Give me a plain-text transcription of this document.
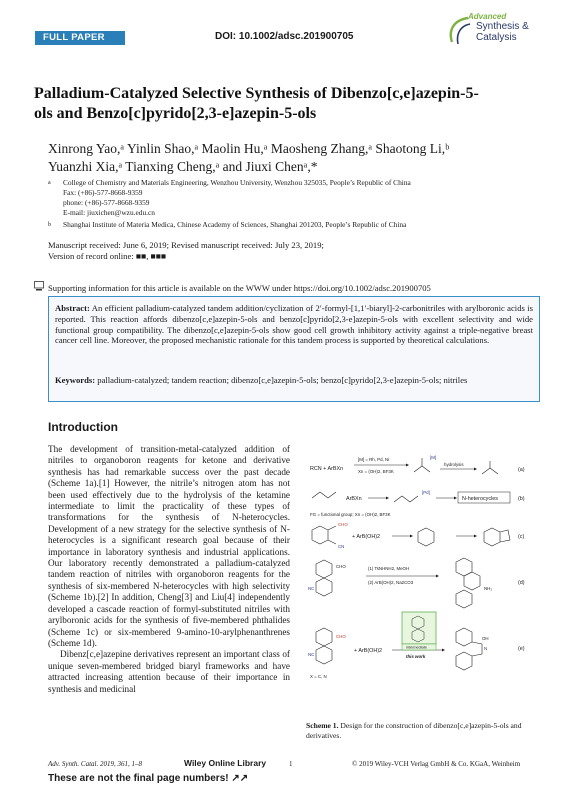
FULL PAPER	DOI: 10.1002/adsc.201900705
Advanced
Synthesis &
Catalysis
Palladium-Catalyzed Selective Synthesis of Dibenzo[c,e]azepin-5-
ols and Benzo[c]pyrido[2,3-e]azepin-5-ols
Xinrong Yao,ᵃ Yinlin Shao,ᵃ Maolin Hu,ᵃ Maosheng Zhang,ᵃ Shaotong Li,ᵇ
Yuanzhi Xia,ᵃ Tianxing Cheng,ᵃ and Jiuxi Chenᵃ,*
a College of Chemistry and Materials Engineering, Wenzhou University, Wenzhou 325035, People’s Republic of China
Fax: (+86)-577-8668-9359
phone: (+86)-577-8668-9359
E-mail: jiuxichen@wzu.edu.cn
b Shanghai Institute of Materia Medica, Chinese Academy of Sciences, Shanghai 201203, People’s Republic of China
Manuscript received: June 6, 2019; Revised manuscript received: July 23, 2019;
Version of record online: ■■, ■■■
Supporting information for this article is available on the WWW under https://doi.org/10.1002/adsc.201900705
Abstract: An efficient palladium-catalyzed tandem addition/cyclization of 2′-formyl-[1,1′-biaryl]-2-carbonitriles with arylboronic acids is reported. This reaction affords dibenzo[c,e]azepin-5-ols and benzo[c]pyrido[2,3-e]azepin-5-ols with excellent selectivity and wide functional group compatibility. The dibenzo[c,e]azepin-5-ols show good cell growth inhibitory activity against a triple-negative breast cancer cell line. Moreover, the proposed mechanistic rationale for this tandem process is supported by theoretical calculations.
Keywords: palladium-catalyzed; tandem reaction; dibenzo[c,e]azepin-5-ols; benzo[c]pyrido[2,3-e]azepin-5-ols; nitriles
Introduction

The development of transition-metal-catalyzed addition of nitriles to organoboron reagents for ketone and derivative synthesis has had remarkable success over the past decade (Scheme 1a).[1] However, the nitrile’s nitrogen atom has not been used effectively due to the hydrolysis of the ketamine intermediate to limit the practicality of these types of transformations for the synthesis of N-heterocycles. Development of a new strategy for the selective synthesis of N-heterocycles is a significant research goal because of their importance in laboratory synthesis and industrial applications. Our laboratory recently demonstrated a palladium-catalyzed tandem reaction of nitriles with organoboron reagents for the synthesis of six-membered N-heterocycles with high selectivity (Scheme 1b).[2] In addition, Cheng[3] and Liu[4] independently developed a cascade reaction of formyl-substituted nitriles with arylboronic acids for the synthesis of five-membered phthalides (Scheme 1c) or six-membered 9-amino-10-arylphenanthrenes (Scheme 1d).

Dibenz[c,e]azepine derivatives represent an important class of unique seven-membered bridged biaryl frameworks and have attracted increasing attention because of their importance in synthesis and medicinal

RCN + ArBXn
[M] = Rh, Pd, Ni
Xn = (OH)2, BF3K
[M]
hydrolysis
(a)
ArBXn
[Pd]
N-heterocycles	(b)
FG = functional group; Xn = (OH)2, BF3K
CHO
CN
+ ArB(OH)2	(c)
CHO
NC
(1) TsNHNH2, MeOH
(2) ArB(OH)2, Na2CO3
NH₂
(d)
CHO
NC
X = C, N
+ ArB(OH)2
intermediate
this work
N
OH
(e)
Scheme 1. Design for the construction of dibenzo[c,e]azepin-5-ols and derivatives.
Adv. Synth. Catal. 2019, 361, 1–8	Wiley Online Library	1	© 2019 Wiley-VCH Verlag GmbH & Co. KGaA, Weinheim
These are not the final page numbers! ↗↗
